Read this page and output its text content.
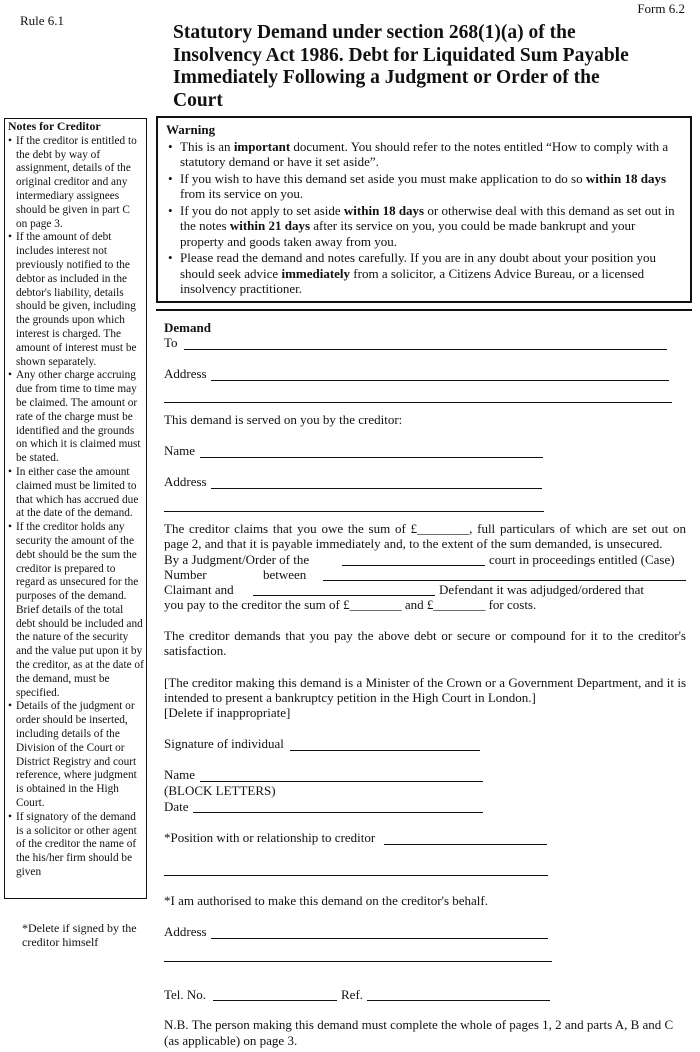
Rule 6.1
Form 6.2
Statutory Demand under section 268(1)(a) of the
Insolvency Act 1986. Debt for Liquidated Sum Payable
Immediately Following a Judgment or Order of the
Court
Notes for Creditor
• If the creditor is entitled to the debt by way of assignment, details of the original creditor and any intermediary assignees should be given in part C on page 3.
• If the amount of debt includes interest not previously notified to the debtor as included in the debtor's liability, details should be given, including the grounds upon which interest is charged. The amount of interest must be shown separately.
• Any other charge accruing due from time to time may be claimed. The amount or rate of the charge must be identified and the grounds on which it is claimed must be stated.
• In either case the amount claimed must be limited to that which has accrued due at the date of the demand.
• If the creditor holds any security the amount of the debt should be the sum the creditor is prepared to regard as unsecured for the purposes of the demand. Brief details of the total debt should be included and the nature of the security and the value put upon it by the creditor, as at the date of the demand, must be specified.
• Details of the judgment or order should be inserted, including details of the Division of the Court or District Registry and court reference, where judgment is obtained in the High Court.
• If signatory of the demand is a solicitor or other agent of the creditor the name of the his/her firm should be given
*Delete if signed by the creditor himself
Warning
• This is an important document. You should refer to the notes entitled “How to comply with a statutory demand or have it set aside”.
• If you wish to have this demand set aside you must make application to do so within 18 days from its service on you.
• If you do not apply to set aside within 18 days or otherwise deal with this demand as set out in the notes within 21 days after its service on you, you could be made bankrupt and your property and goods taken away from you.
• Please read the demand and notes carefully. If you are in any doubt about your position you should seek advice immediately from a solicitor, a Citizens Advice Bureau, or a licensed insolvency practitioner.
Demand
To
Address
This demand is served on you by the creditor:
Name
Address
The creditor claims that you owe the sum of £________, full particulars of which are set out on page 2, and that it is payable immediately and, to the extent of the sum demanded, is unsecured.
By a Judgment/Order of the	court in proceedings entitled (Case)
Number	between
Claimant and	Defendant it was adjudged/ordered that
you pay to the creditor the sum of £________ and £________ for costs.
The creditor demands that you pay the above debt or secure or compound for it to the creditor's satisfaction.
[The creditor making this demand is a Minister of the Crown or a Government Department, and it is intended to present a bankruptcy petition in the High Court in London.]
[Delete if inappropriate]
Signature of individual
Name
(BLOCK LETTERS)
Date
*Position with or relationship to creditor
*I am authorised to make this demand on the creditor's behalf.
Address
Tel. No.	Ref.
N.B. The person making this demand must complete the whole of pages 1, 2 and parts A, B and C (as applicable) on page 3.
